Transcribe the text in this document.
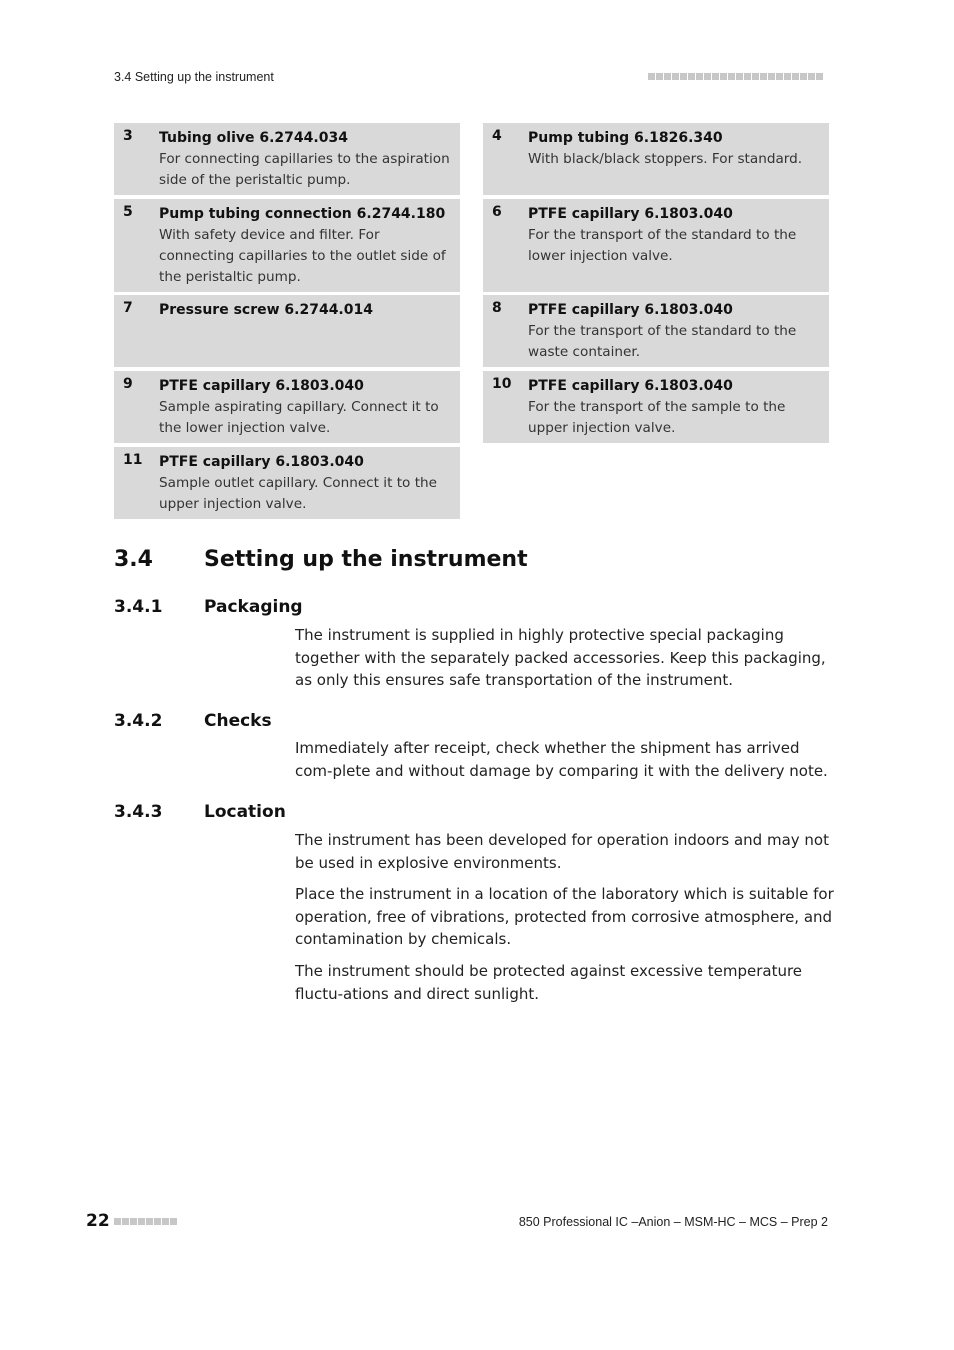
3.4 Setting up the instrument
3 Tubing olive 6.2744.034
For connecting capillaries to the aspiration side of the peristaltic pump.
4 Pump tubing 6.1826.340
With black/black stoppers. For standard.
5 Pump tubing connection 6.2744.180
With safety device and filter. For connecting capillaries to the outlet side of the peristaltic pump.
6 PTFE capillary 6.1803.040
For the transport of the standard to the lower injection valve.
7 Pressure screw 6.2744.014	8 PTFE capillary 6.1803.040
For the transport of the standard to the waste container.
9 PTFE capillary 6.1803.040
Sample aspirating capillary. Connect it to the lower injection valve.
10 PTFE capillary 6.1803.040
For the transport of the sample to the upper injection valve.
11 PTFE capillary 6.1803.040
Sample outlet capillary. Connect it to the upper injection valve.
3.4 Setting up the instrument
3.4.1 Packaging

The instrument is supplied in highly protective special packaging together with the separately packed accessories. Keep this packaging, as only this ensures safe transportation of the instrument.

3.4.2 Checks

Immediately after receipt, check whether the shipment has arrived com-plete and without damage by comparing it with the delivery note.

3.4.3 Location

The instrument has been developed for operation indoors and may not be used in explosive environments.

Place the instrument in a location of the laboratory which is suitable for operation, free of vibrations, protected from corrosive atmosphere, and contamination by chemicals.

The instrument should be protected against excessive temperature fluctu-ations and direct sunlight.

22	850 Professional IC –Anion – MSM-HC – MCS – Prep 2
